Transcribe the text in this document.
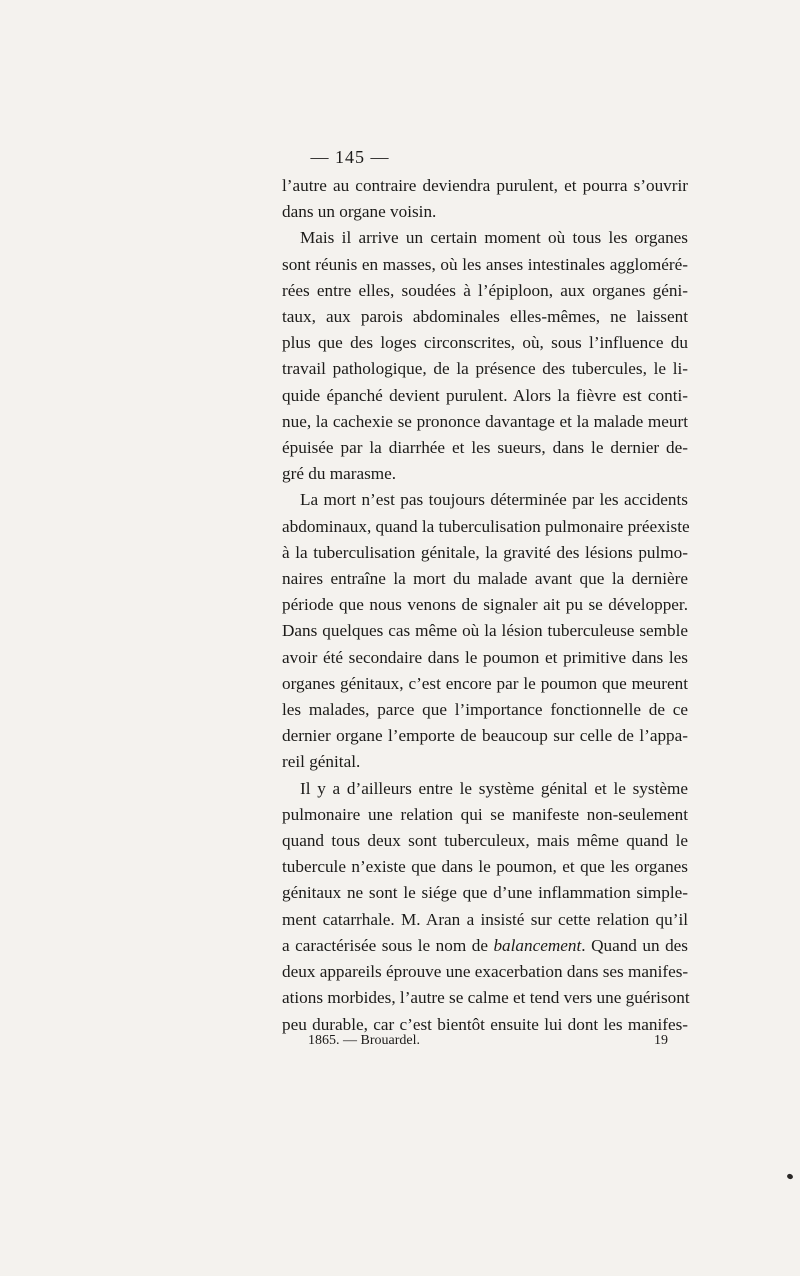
— 145 —
l’autre au contraire deviendra purulent, et pourra s’ouvrir
dans un organe voisin.
Mais il arrive un certain moment où tous les organes
sont réunis en masses, où les anses intestinales aggloméré-
rées entre elles, soudées à l’épiploon, aux organes géni-
taux, aux parois abdominales elles-mêmes, ne laissent
plus que des loges circonscrites, où, sous l’influence du
travail pathologique, de la présence des tubercules, le li-
quide épanché devient purulent. Alors la fièvre est conti-
nue, la cachexie se prononce davantage et la malade meurt
épuisée par la diarrhée et les sueurs, dans le dernier de-
gré du marasme.
La mort n’est pas toujours déterminée par les accidents
abdominaux, quand la tuberculisation pulmonaire préexiste
à la tuberculisation génitale, la gravité des lésions pulmo-
naires entraîne la mort du malade avant que la dernière
période que nous venons de signaler ait pu se développer.
Dans quelques cas même où la lésion tuberculeuse semble
avoir été secondaire dans le poumon et primitive dans les
organes génitaux, c’est encore par le poumon que meurent
les malades, parce que l’importance fonctionnelle de ce
dernier organe l’emporte de beaucoup sur celle de l’appa-
reil génital.
Il y a d’ailleurs entre le système génital et le système
pulmonaire une relation qui se manifeste non-seulement
quand tous deux sont tuberculeux, mais même quand le
tubercule n’existe que dans le poumon, et que les organes
génitaux ne sont le siége que d’une inflammation simple-
ment catarrhale. M. Aran a insisté sur cette relation qu’il
a caractérisée sous le nom de balancement. Quand un des
deux appareils éprouve une exacerbation dans ses manifes-
ations morbides, l’autre se calme et tend vers une guérisont
peu durable, car c’est bientôt ensuite lui dont les manifes-
1865. — Brouardel.	19
